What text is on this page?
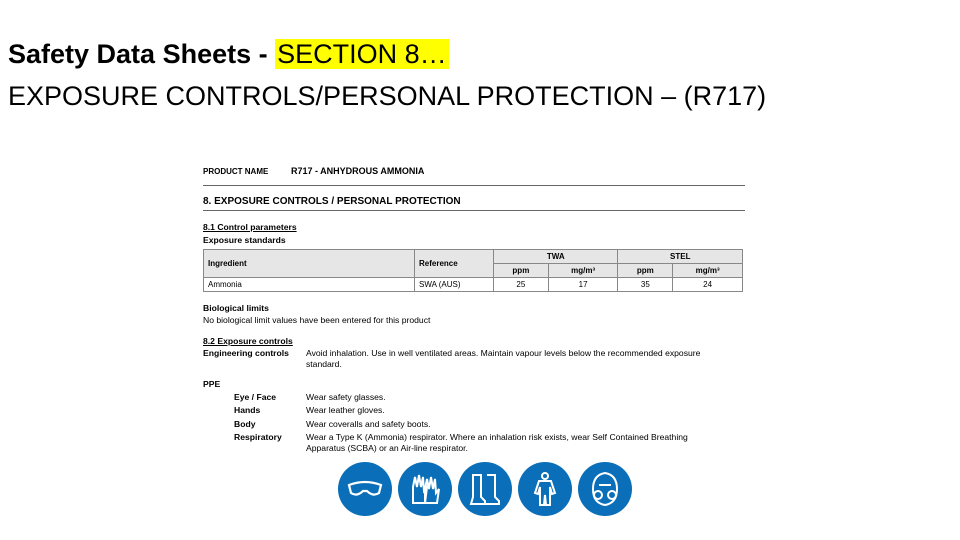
Safety Data Sheets - SECTION 8…
EXPOSURE CONTROLS/PERSONAL PROTECTION – (R717)
PRODUCT NAME	R717 - ANHYDROUS AMMONIA
8. EXPOSURE CONTROLS / PERSONAL PROTECTION
8.1 Control parameters
Exposure standards
Ingredient	Reference	TWA		STEL	
		ppm	mg/m³	ppm	mg/m³
Ammonia	SWA (AUS)	25	17	35	24
Biological limits
No biological limit values have been entered for this product
8.2 Exposure controls
Engineering controls Avoid inhalation. Use in well ventilated areas. Maintain vapour levels below the recommended exposure
standard.
PPE
Eye / Face	Wear safety glasses.
Hands	Wear leather gloves.
Body	Wear coveralls and safety boots.
Respiratory	Wear a Type K (Ammonia) respirator. Where an inhalation risk exists, wear Self Contained Breathing
Apparatus (SCBA) or an Air-line respirator.
